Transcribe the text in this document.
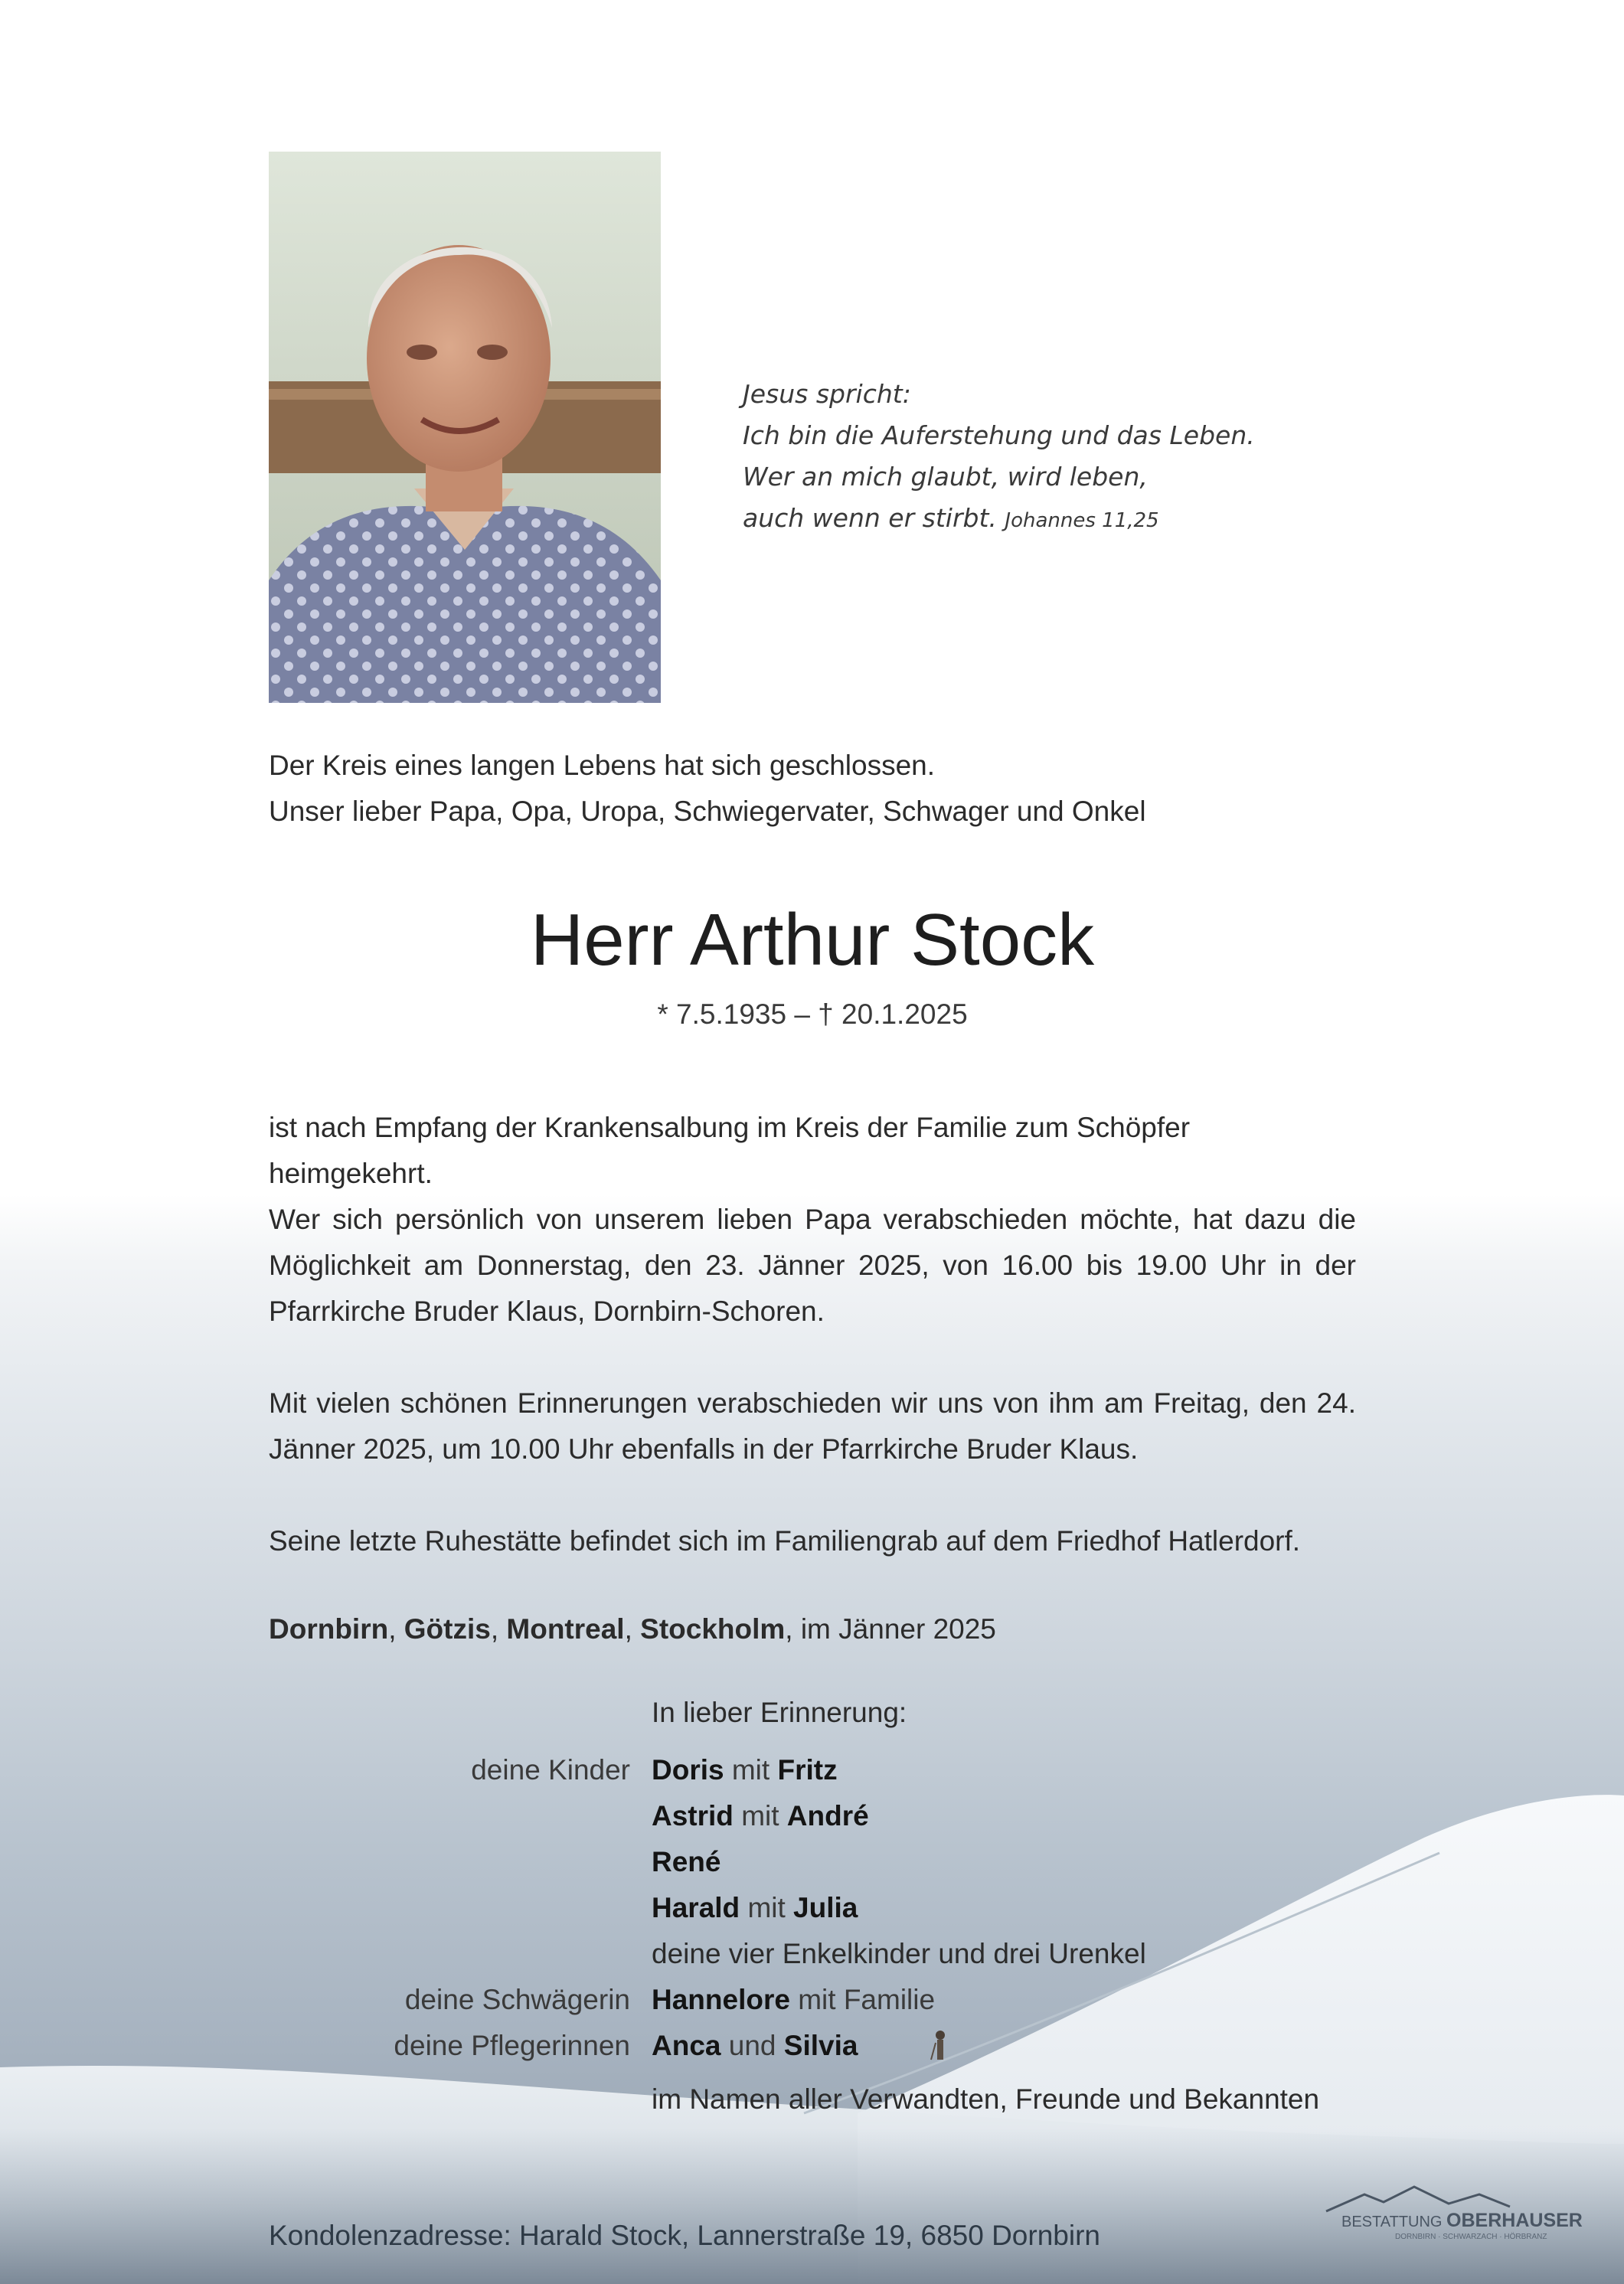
Jesus spricht:
Ich bin die Auferstehung und das Leben.
Wer an mich glaubt, wird leben,
auch wenn er stirbt. Johannes 11,25
Der Kreis eines langen Lebens hat sich geschlossen.
Unser lieber Papa, Opa, Uropa, Schwiegervater, Schwager und Onkel
Herr Arthur Stock
* 7.5.1935 – † 20.1.2025
ist nach Empfang der Krankensalbung im Kreis der Familie zum Schöpfer heimgekehrt.
Wer sich persönlich von unserem lieben Papa verabschieden möchte, hat dazu die Möglichkeit am Donnerstag, den 23. Jänner 2025, von 16.00 bis 19.00 Uhr in der Pfarrkirche Bruder Klaus, Dornbirn-Schoren.
Mit vielen schönen Erinnerungen verabschieden wir uns von ihm am Freitag, den 24. Jänner 2025, um 10.00 Uhr ebenfalls in der Pfarrkirche Bruder Klaus.
Seine letzte Ruhestätte befindet sich im Familiengrab auf dem Friedhof Hatlerdorf.
Dornbirn, Götzis, Montreal, Stockholm, im Jänner 2025
In lieber Erinnerung:
deine Kinder Doris mit Fritz
Astrid mit André
René
Harald mit Julia
deine vier Enkelkinder und drei Urenkel
deine Schwägerin Hannelore mit Familie
deine Pflegerinnen Anca und Silvia
im Namen aller Verwandten, Freunde und Bekannten
Kondolenzadresse: Harald Stock, Lannerstraße 19, 6850 Dornbirn	BESTATTUNG OBERHAUSER
DORNBIRN · SCHWARZACH · HÖRBRANZ
